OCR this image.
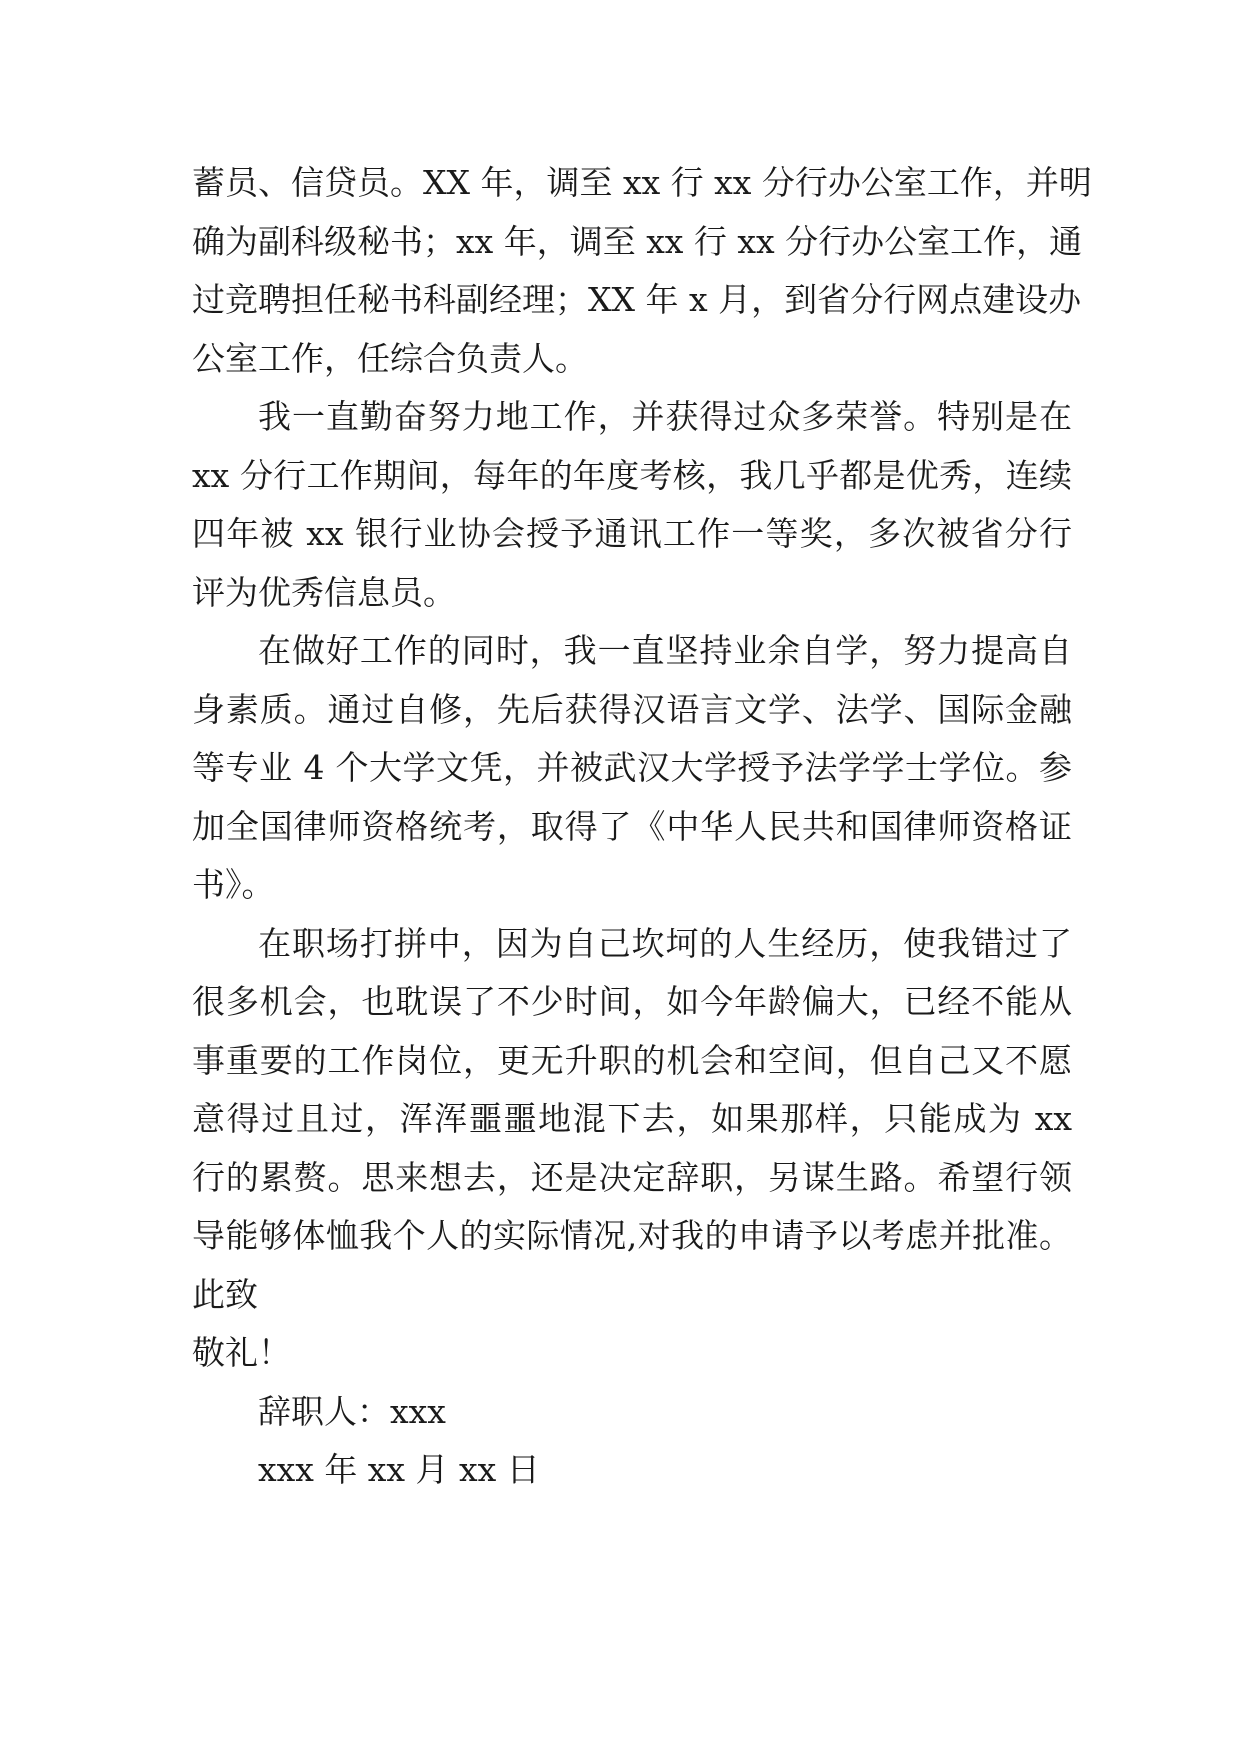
蓄员、信贷员。XX 年，调至 xx 行 xx 分行办公室工作，并明
确为副科级秘书；xx 年，调至 xx 行 xx 分行办公室工作，通
过竞聘担任秘书科副经理；XX 年 x 月，到省分行网点建设办
公室工作，任综合负责人。
我一直勤奋努力地工作，并获得过众多荣誉。特别是在
xx 分行工作期间，每年的年度考核，我几乎都是优秀，连续
四年被 xx 银行业协会授予通讯工作一等奖，多次被省分行
评为优秀信息员。
在做好工作的同时，我一直坚持业余自学，努力提高自
身素质。通过自修，先后获得汉语言文学、法学、国际金融
等专业 4 个大学文凭，并被武汉大学授予法学学士学位。参
加全国律师资格统考，取得了《中华人民共和国律师资格证
书》。
在职场打拼中，因为自己坎坷的人生经历，使我错过了
很多机会，也耽误了不少时间，如今年龄偏大，已经不能从
事重要的工作岗位，更无升职的机会和空间，但自己又不愿
意得过且过，浑浑噩噩地混下去，如果那样，只能成为 xx
行的累赘。思来想去，还是决定辞职，另谋生路。希望行领
导能够体恤我个人的实际情况,对我的申请予以考虑并批准。
此致
敬礼！
辞职人：xxx
xxx 年 xx 月 xx 日
